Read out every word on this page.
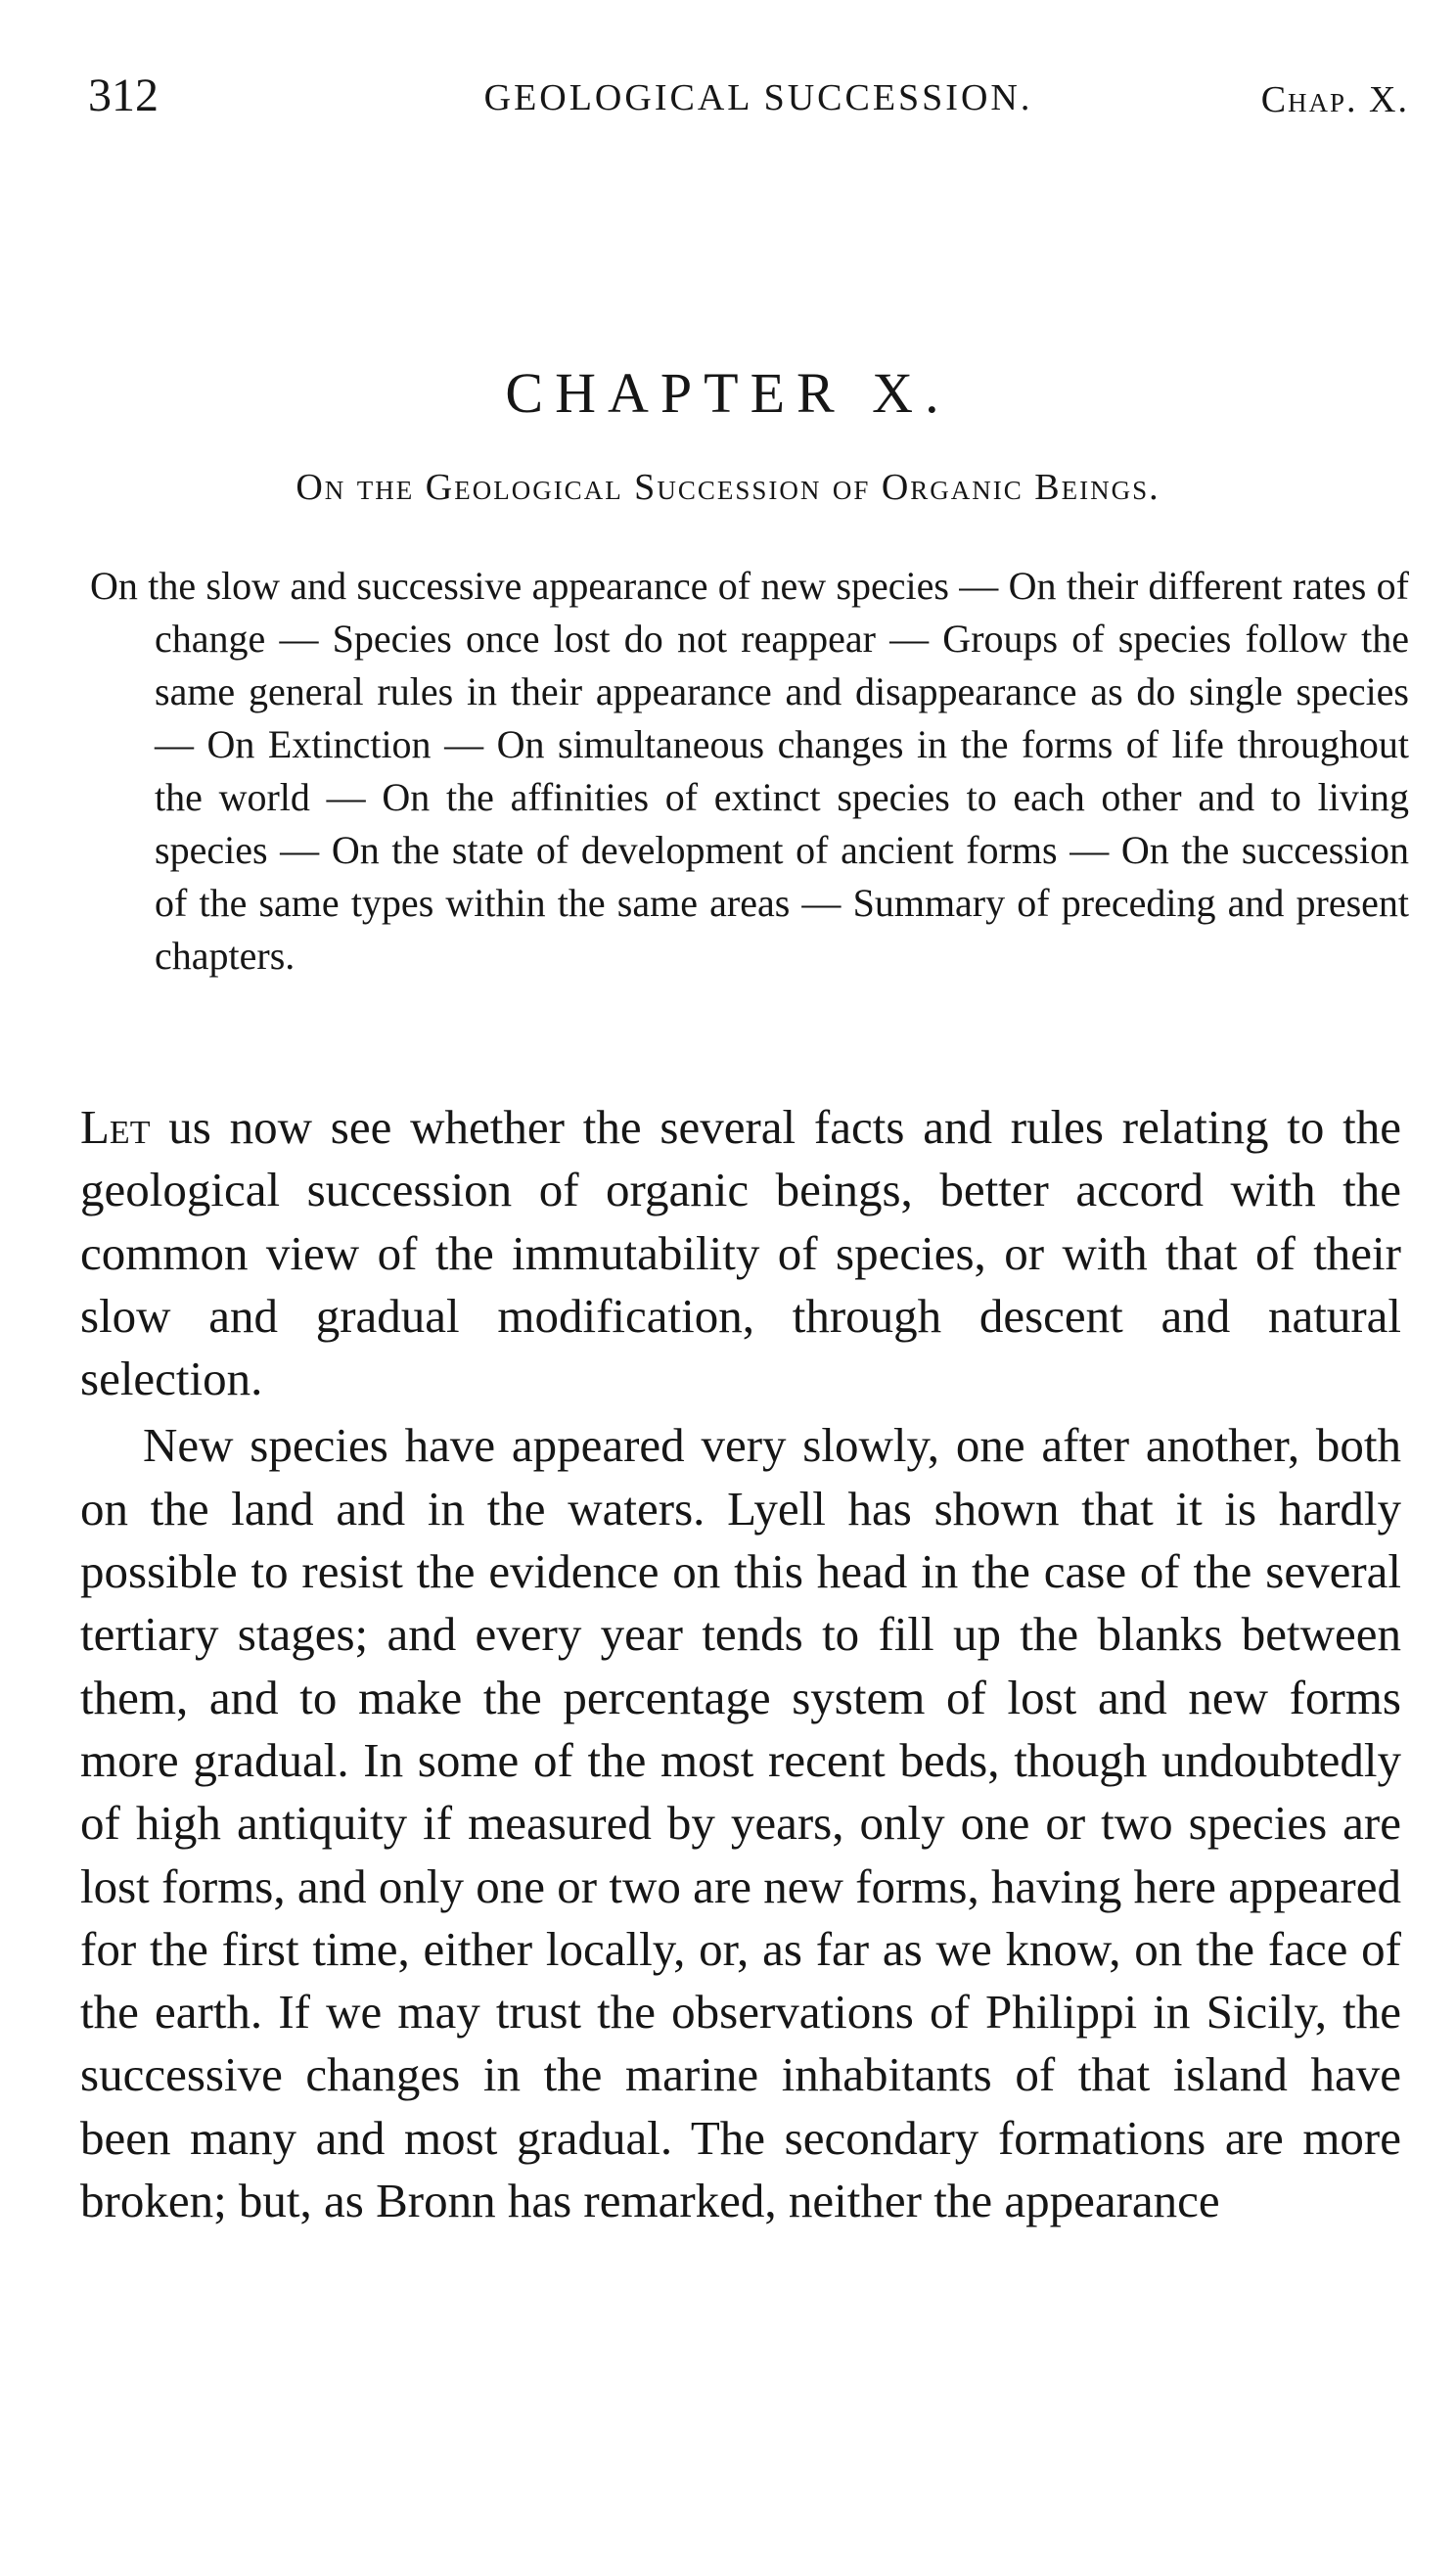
312	GEOLOGICAL SUCCESSION.	Chap. X.
CHAPTER X.
On the Geological Succession of Organic Beings.

On the slow and successive appearance of new species — On their different rates of change — Species once lost do not reappear — Groups of species follow the same general rules in their appearance and disappearance as do single species — On Extinction — On simultaneous changes in the forms of life throughout the world — On the affinities of extinct species to each other and to living species — On the state of development of ancient forms — On the succession of the same types within the same areas — Summary of preceding and present chapters.

Let us now see whether the several facts and rules relating to the geological succession of organic beings, better accord with the common view of the immutability of species, or with that of their slow and gradual modification, through descent and natural selection.

New species have appeared very slowly, one after another, both on the land and in the waters. Lyell has shown that it is hardly possible to resist the evidence on this head in the case of the several tertiary stages; and every year tends to fill up the blanks between them, and to make the percentage system of lost and new forms more gradual. In some of the most recent beds, though undoubtedly of high antiquity if measured by years, only one or two species are lost forms, and only one or two are new forms, having here appeared for the first time, either locally, or, as far as we know, on the face of the earth. If we may trust the observations of Philippi in Sicily, the successive changes in the marine inhabitants of that island have been many and most gradual. The secondary formations are more broken; but, as Bronn has remarked, neither the appearance
